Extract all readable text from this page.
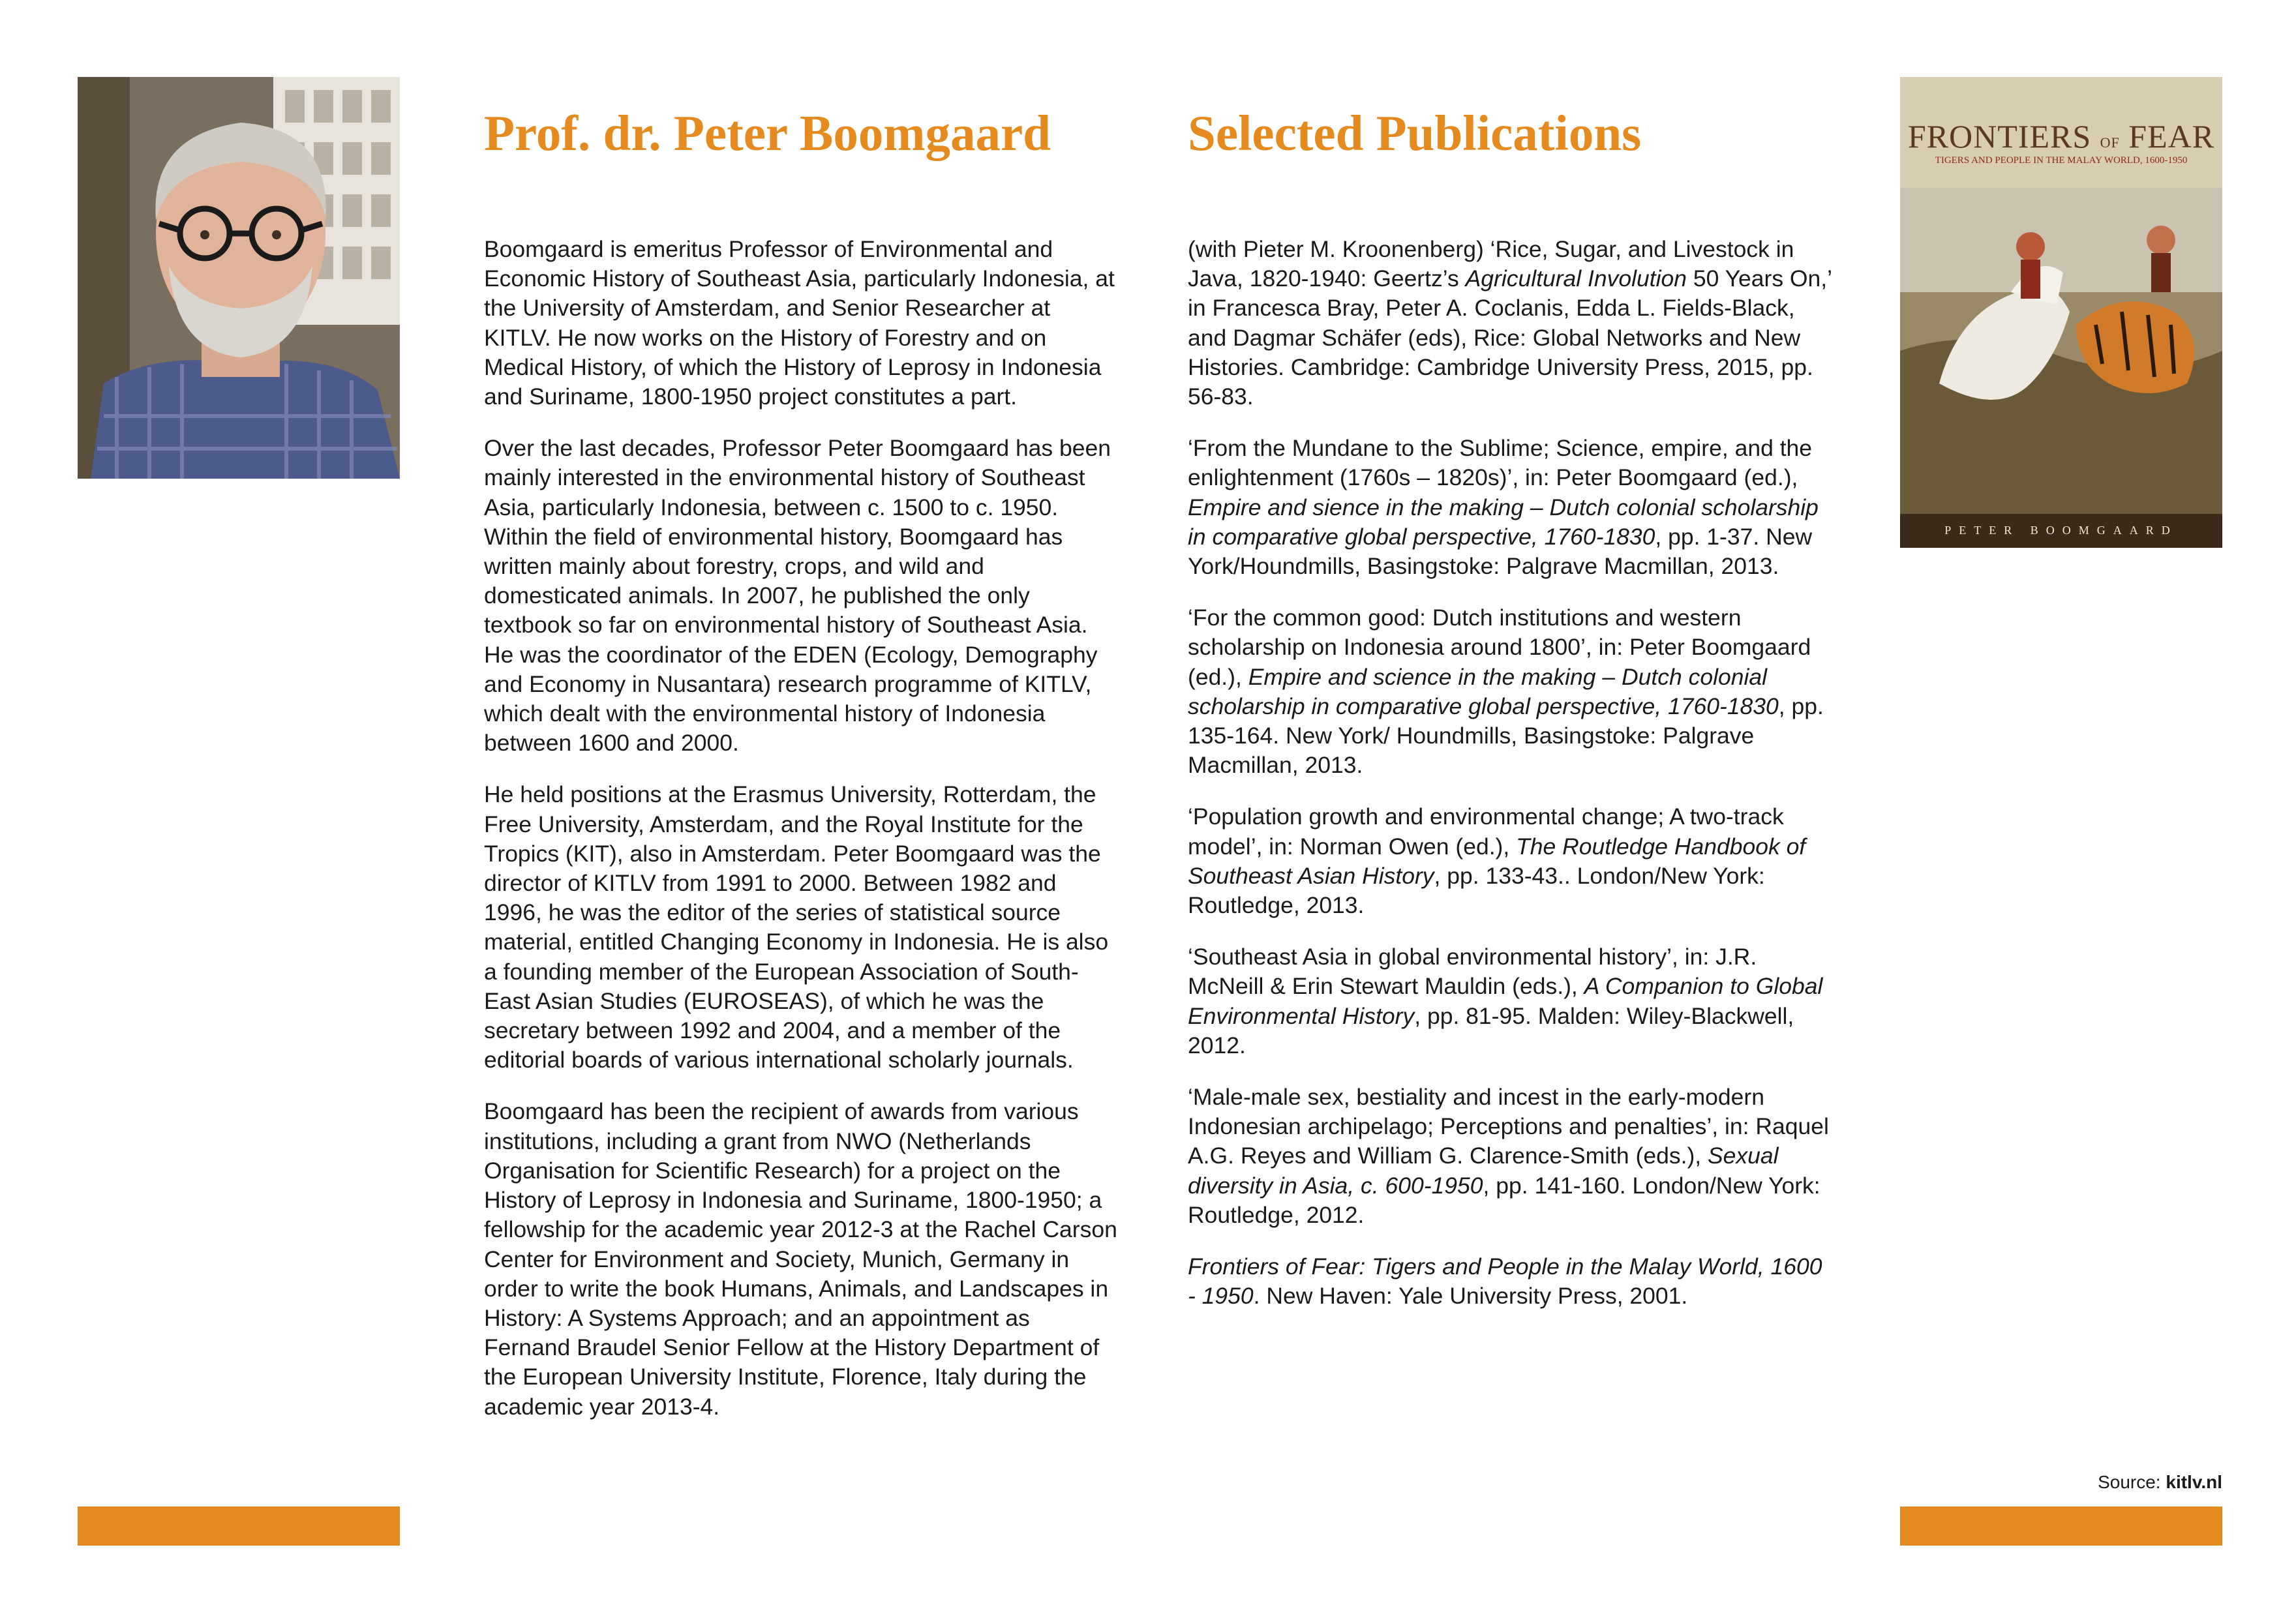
Prof. dr. Peter Boomgaard

Boomgaard is emeritus Professor of Environmental and Economic History of Southeast Asia, particularly Indonesia, at the University of Amsterdam, and Senior Researcher at KITLV. He now works on the History of Forestry and on Medical History, of which the History of Leprosy in Indonesia and Suriname, 1800-1950 project constitutes a part.

Over the last decades, Professor Peter Boomgaard has been mainly interested in the environmental history of Southeast Asia, particularly Indonesia, between c. 1500 to c. 1950. Within the field of environmental history, Boomgaard has written mainly about forestry, crops, and wild and domesticated animals. In 2007, he published the only textbook so far on environmental history of Southeast Asia. He was the coordinator of the EDEN (Ecology, Demography and Economy in Nusantara) research programme of KITLV, which dealt with the environmental history of Indonesia between 1600 and 2000.

He held positions at the Erasmus University, Rotterdam, the Free University, Amsterdam, and the Royal Institute for the Tropics (KIT), also in Amsterdam. Peter Boomgaard was the director of KITLV from 1991 to 2000. Between 1982 and 1996, he was the editor of the series of statistical source material, entitled Changing Economy in Indonesia. He is also a founding member of the European Association of South-East Asian Studies (EUROSEAS), of which he was the secretary between 1992 and 2004, and a member of the editorial boards of various international scholarly journals.

Boomgaard has been the recipient of awards from various institutions, including a grant from NWO (Netherlands Organisation for Scientific Research) for a project on the History of Leprosy in Indonesia and Suriname, 1800-1950; a fellowship for the academic year 2012-3 at the Rachel Carson Center for Environment and Society, Munich, Germany in order to write the book Humans, Animals, and Landscapes in History: A Systems Approach; and an appointment as Fernand Braudel Senior Fellow at the History Department of the European University Institute, Florence, Italy during the academic year 2013-4.

Selected Publications

(with Pieter M. Kroonenberg) ‘Rice, Sugar, and Livestock in Java, 1820-1940: Geertz’s Agricultural Involution 50 Years On,’ in Francesca Bray, Peter A. Coclanis, Edda L. Fields-Black, and Dagmar Schäfer (eds), Rice: Global Networks and New Histories. Cambridge: Cambridge University Press, 2015, pp. 56-83.

‘From the Mundane to the Sublime; Science, empire, and the enlightenment (1760s – 1820s)’, in: Peter Boomgaard (ed.), Empire and sience in the making – Dutch colonial scholarship in comparative global perspective, 1760-1830, pp. 1-37. New York/Houndmills, Basingstoke: Palgrave Macmillan, 2013.

‘For the common good: Dutch institutions and western scholarship on Indonesia around 1800’, in: Peter Boomgaard (ed.), Empire and science in the making – Dutch colonial scholarship in comparative global perspective, 1760-1830, pp. 135-164. New York/ Houndmills, Basingstoke: Palgrave Macmillan, 2013.

‘Population growth and environmental change; A two-track model’, in: Norman Owen (ed.), The Routledge Handbook of Southeast Asian History, pp. 133-43.. London/New York: Routledge, 2013.

‘Southeast Asia in global environmental history’, in: J.R. McNeill & Erin Stewart Mauldin (eds.), A Companion to Global Environmental History, pp. 81-95. Malden: Wiley-Blackwell, 2012.

‘Male-male sex, bestiality and incest in the early-modern Indonesian archipelago; Perceptions and penalties’, in: Raquel A.G. Reyes and William G. Clarence-Smith (eds.), Sexual diversity in Asia, c. 600-1950, pp. 141-160. London/New York: Routledge, 2012.

Frontiers of Fear: Tigers and People in the Malay World, 1600 - 1950. New Haven: Yale University Press, 2001.

FRONTIERS OF FEAR
TIGERS AND PEOPLE IN THE MALAY WORLD, 1600-1950
PETER BOOMGAARD
Source: kitlv.nl
